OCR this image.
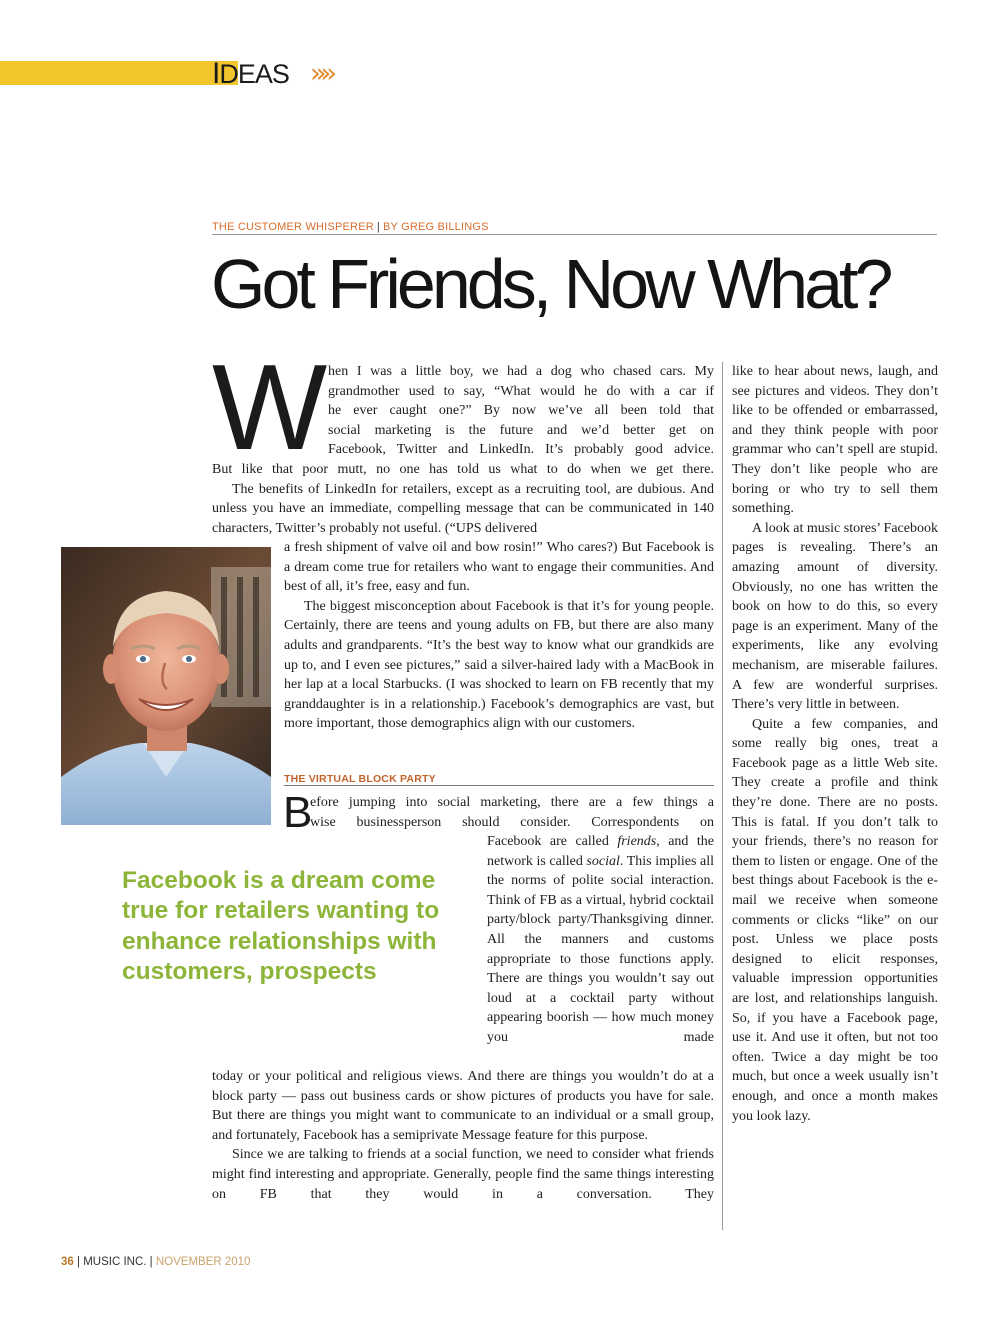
IDEAS »»
THE CUSTOMER WHISPERER | BY GREG BILLINGS
Got Friends, Now What?
W hen I was a little boy, we had a dog who chased cars. My
grandmother used to say, “What would he do with a car if
he ever caught one?” By now we’ve all been told that
social marketing is the future and we’d better get on
Facebook, Twitter and LinkedIn. It’s probably good advice.

But like that poor mutt, no one has told us what to do when we get there.

The benefits of LinkedIn for retailers, except as a recruiting tool, are dubious. And unless you have an immediate, compelling message that can be communicated in 140 characters, Twitter’s probably not useful. (“UPS delivered

a fresh shipment of valve oil and bow rosin!” Who cares?) But Facebook is a dream come true for retailers who want to engage their communities. And best of all, it’s free, easy and fun.

The biggest misconception about Facebook is that it’s for young people. Certainly, there are teens and young adults on FB, but there are also many adults and grandparents. “It’s the best way to know what our grandkids are up to, and I even see pictures,” said a silver-haired lady with a MacBook in her lap at a local Starbucks. (I was shocked to learn on FB recently that my granddaughter is in a relationship.) Facebook’s demographics are vast, but more important, those demographics align with our customers.

THE VIRTUAL BLOCK PARTY
B
efore jumping into social marketing, there are a few things a
wise businessperson should consider. Correspondents on

Facebook are called friends, and the network is called social. This implies all the norms of polite social interaction. Think of FB as a virtual, hybrid cocktail party/block party/Thanksgiving dinner. All the manners and customs appropriate to those functions apply. There are things you wouldn’t say out loud at a cocktail party without appearing boorish — how much money you made

Facebook is a dream come true for retailers wanting to enhance relationships with customers, prospects

today or your political and religious views. And there are things you wouldn’t do at a block party — pass out business cards or show pictures of products you have for sale. But there are things you might want to communicate to an individual or a small group, and fortunately, Facebook has a semiprivate Message feature for this purpose.

Since we are talking to friends at a social function, we need to consider what friends might find interesting and appropriate. Generally, people find the same things interesting on FB that they would in a conversation. They

like to hear about news, laugh, and see pictures and videos. They don’t like to be offended or embarrassed, and they think people with poor grammar who can’t spell are stupid. They don’t like people who are boring or who try to sell them something.

A look at music stores’ Facebook pages is revealing. There’s an amazing amount of diversity. Obviously, no one has written the book on how to do this, so every page is an experiment. Many of the experiments, like any evolving mechanism, are miserable failures. A few are wonderful surprises. There’s very little in between.

Quite a few companies, and some really big ones, treat a Facebook page as a little Web site. They create a profile and think they’re done. There are no posts. This is fatal. If you don’t talk to your friends, there’s no reason for them to listen or engage. One of the best things about Facebook is the e-mail we receive when someone comments or clicks “like” on our post. Unless we place posts designed to elicit responses, valuable impression opportunities are lost, and relationships languish. So, if you have a Facebook page, use it. And use it often, but not too often. Twice a day might be too much, but once a week usually isn’t enough, and once a month makes you look lazy.

36 | MUSIC INC. | NOVEMBER 2010
